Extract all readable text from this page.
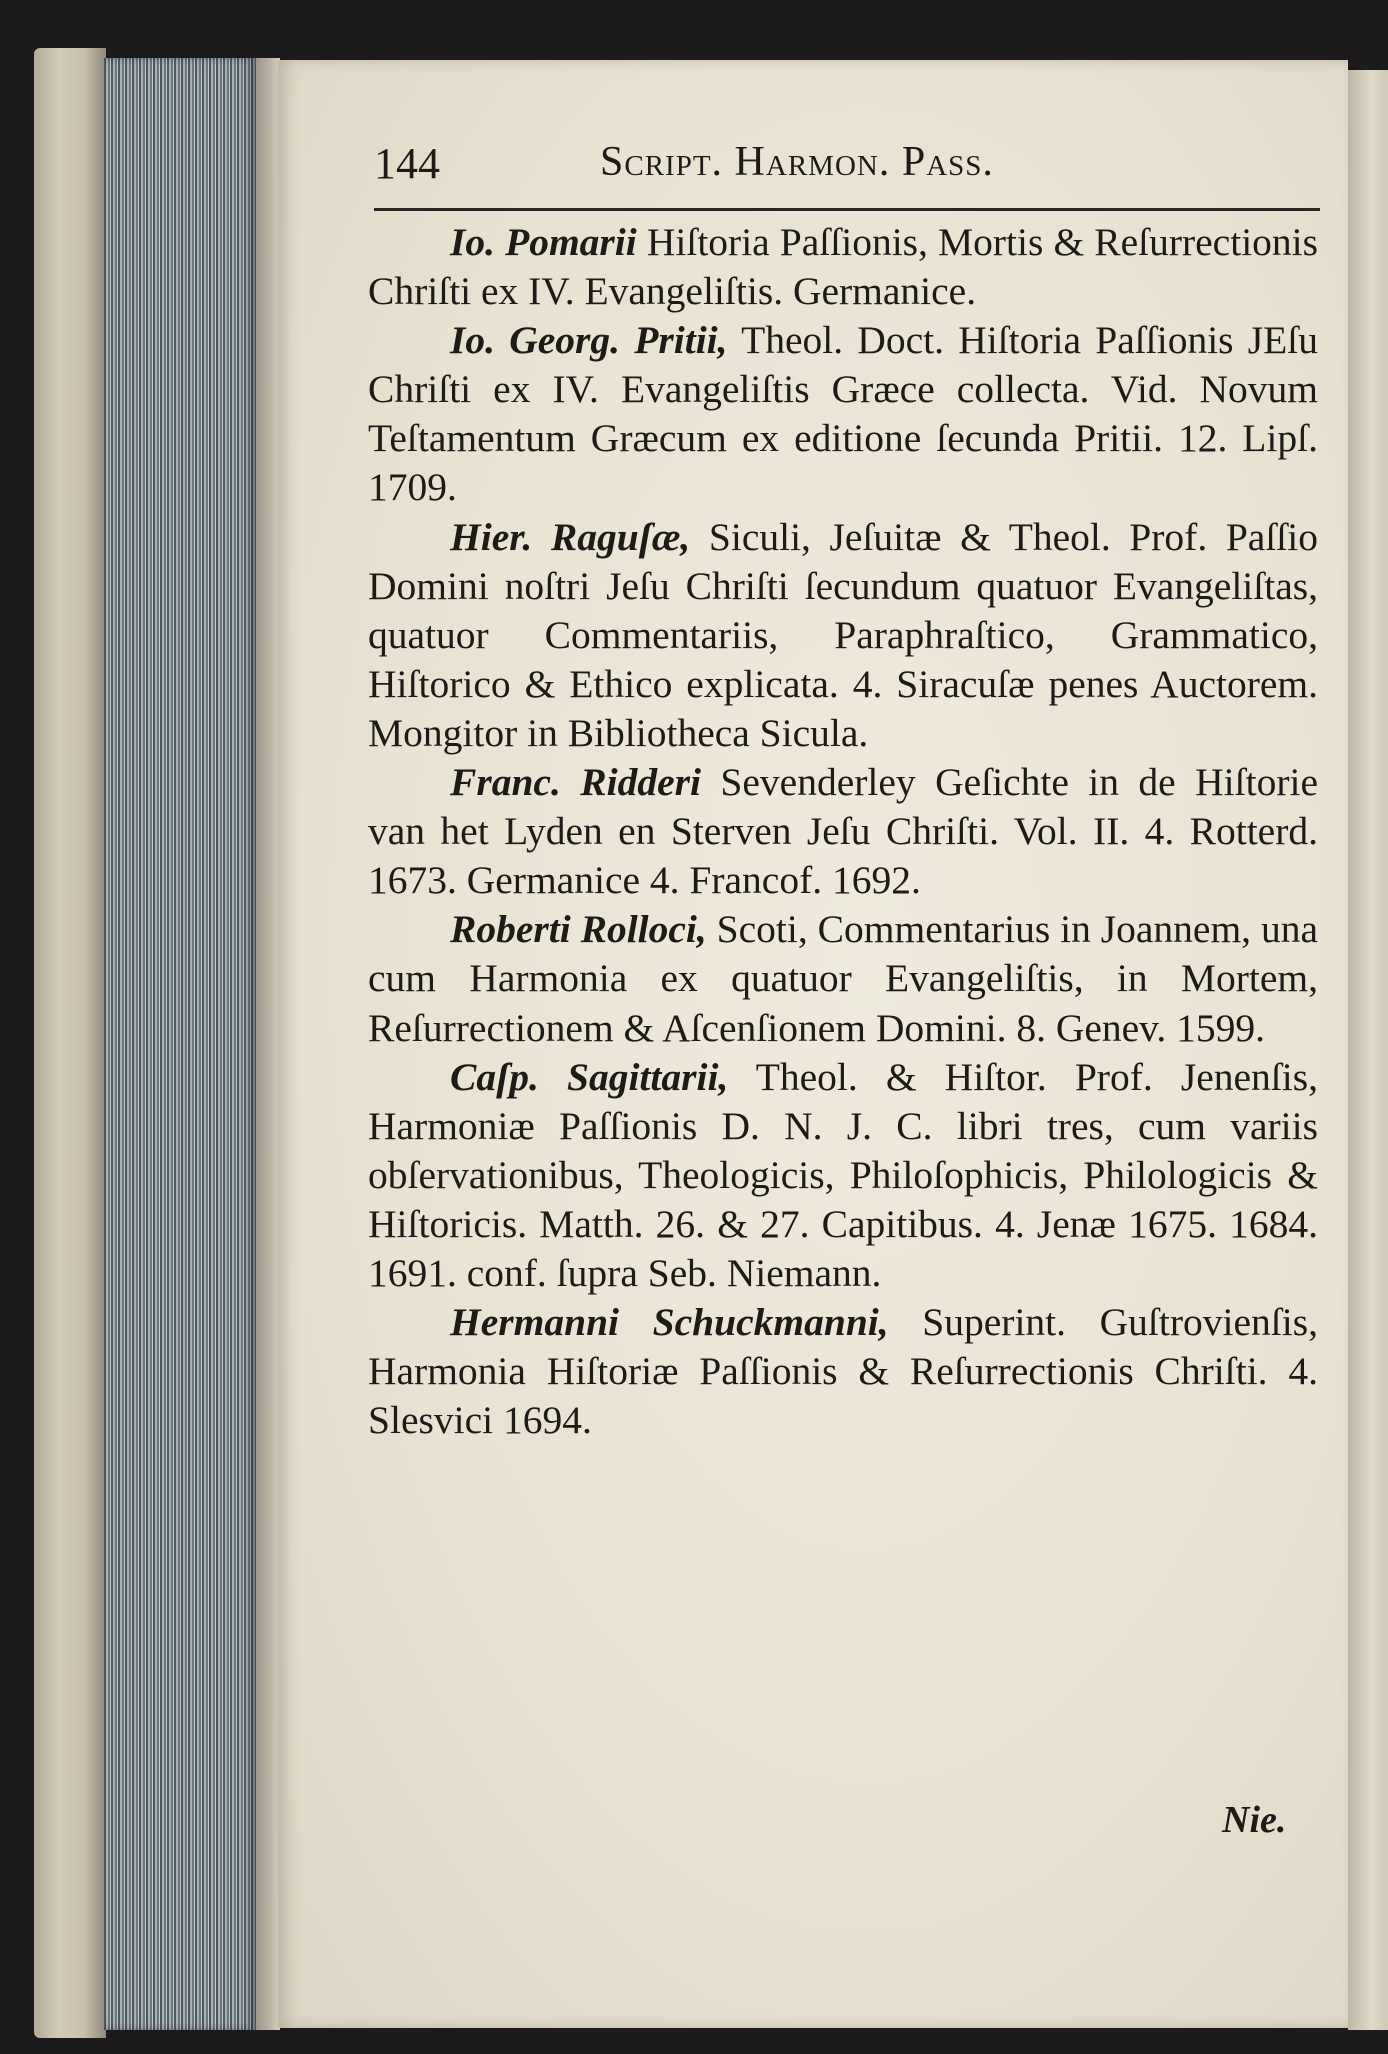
144	Script. Harmon. Pass.

Io. Pomarii Hiſtoria Paſſionis, Mortis & Reſurrectionis Chriſti ex IV. Evangeliſtis. Germanice.

Io. Georg. Pritii, Theol. Doct. Hiſtoria Paſſionis JEſu Chriſti ex IV. Evangeliſtis Græce collecta. Vid. Novum Teſtamentum Græcum ex editione ſecunda Pritii. 12. Lipſ. 1709.

Hier. Raguſæ, Siculi, Jeſuitæ & Theol. Prof. Paſſio Domini noſtri Jeſu Chriſti ſecundum quatuor Evangeliſtas, quatuor Commentariis, Paraphraſtico, Grammatico, Hiſtorico & Ethico explicata. 4. Siracuſæ penes Auctorem. Mongitor in Bibliotheca Sicula.

Franc. Ridderi Sevenderley Geſichte in de Hiſtorie van het Lyden en Sterven Jeſu Chriſti. Vol. II. 4. Rotterd. 1673. Germanice 4. Francof. 1692.

Roberti Rolloci, Scoti, Commentarius in Joannem, una cum Harmonia ex quatuor Evangeliſtis, in Mortem, Reſurrectionem & Aſcenſionem Domini. 8. Genev. 1599.

Caſp. Sagittarii, Theol. & Hiſtor. Prof. Jenenſis, Harmoniæ Paſſionis D. N. J. C. libri tres, cum variis obſervationibus, Theologicis, Philoſophicis, Philologicis & Hiſtoricis. Matth. 26. & 27. Capitibus. 4. Jenæ 1675. 1684. 1691. conf. ſupra Seb. Niemann.

Hermanni Schuckmanni, Superint. Guſtrovienſis, Harmonia Hiſtoriæ Paſſionis & Reſurrectionis Chriſti. 4. Slesvici 1694.

Nie.
